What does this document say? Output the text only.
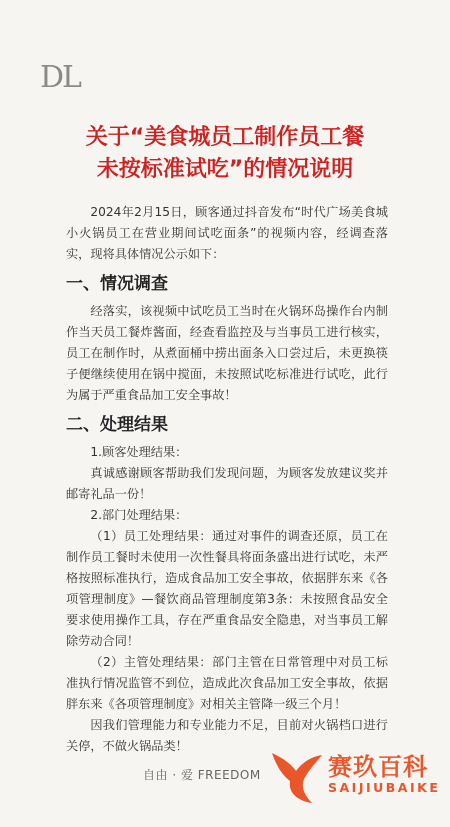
DL
关于“美食城员工制作员工餐
未按标准试吃”的情况说明

2024年2月15日，顾客通过抖音发布“时代广场美食城小火锅员工在营业期间试吃面条”的视频内容，经调查落实，现将具体情况公示如下：

一、情况调查

经落实，该视频中试吃员工当时在火锅环岛操作台内制作当天员工餐炸酱面，经查看监控及与当事员工进行核实，员工在制作时，从煮面桶中捞出面条入口尝过后，未更换筷子便继续使用在锅中搅面，未按照试吃标准进行试吃，此行为属于严重食品加工安全事故！

二、处理结果

1.顾客处理结果：

真诚感谢顾客帮助我们发现问题，为顾客发放建议奖并邮寄礼品一份！

2.部门处理结果：

（1）员工处理结果：通过对事件的调查还原，员工在制作员工餐时未使用一次性餐具将面条盛出进行试吃，未严格按照标准执行，造成食品加工安全事故，依据胖东来《各项管理制度》—餐饮商品管理制度第3条：未按照食品安全要求使用操作工具，存在严重食品安全隐患，对当事员工解除劳动合同！

（2）主管处理结果：部门主管在日常管理中对员工标准执行情况监管不到位，造成此次食品加工安全事故，依据胖东来《各项管理制度》对相关主管降一级三个月！

因我们管理能力和专业能力不足，目前对火锅档口进行关停，不做火锅品类！

自由 · 爱 FREEDOM	赛玖百科
SAIJIUBAIKE
